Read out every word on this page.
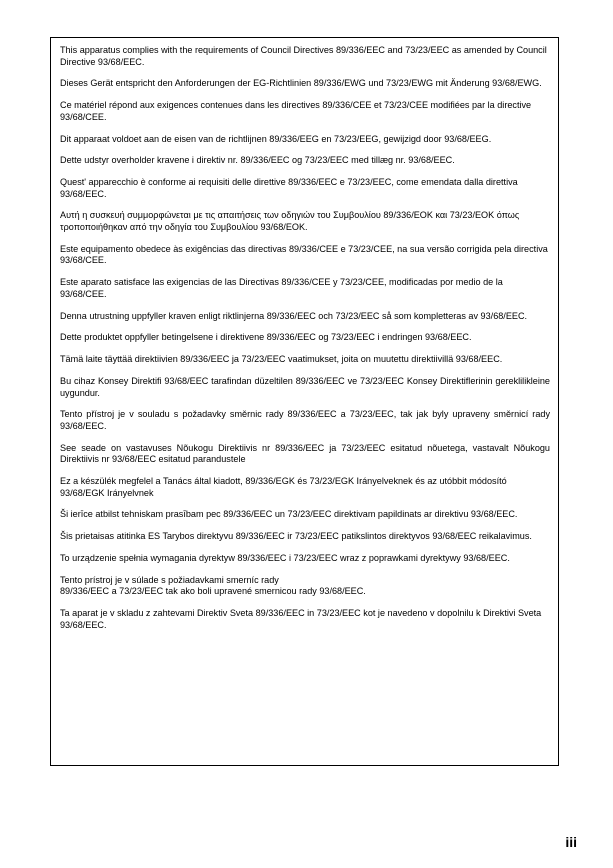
This apparatus complies with the requirements of Council Directives 89/336/EEC and 73/23/EEC as amended by Council Directive 93/68/EEC.

Dieses Gerät entspricht den Anforderungen der EG-Richtlinien 89/336/EWG und 73/23/EWG mit Änderung 93/68/EWG.

Ce matériel répond aux exigences contenues dans les directives 89/336/CEE et 73/23/CEE modifiées par la directive 93/68/CEE.

Dit apparaat voldoet aan de eisen van de richtlijnen 89/336/EEG en 73/23/EEG, gewijzigd door 93/68/EEG.

Dette udstyr overholder kravene i direktiv nr. 89/336/EEC og 73/23/EEC med tillæg nr. 93/68/EEC.

Quest' apparecchio è conforme ai requisiti delle direttive 89/336/EEC e 73/23/EEC, come emendata dalla direttiva 93/68/EEC.

Αυτή η συσκευή συμμορφώνεται με τις απαιτήσεις των οδηγιών του Συμβουλίου 89/336/ΕΟΚ και 73/23/ΕΟΚ όπως τροποποιήθηκαν από την οδηγία του Συμβουλίου 93/68/ΕΟΚ.

Este equipamento obedece às exigências das directivas 89/336/CEE e 73/23/CEE, na sua versão corrigida pela directiva 93/68/CEE.

Este aparato satisface las exigencias de las Directivas 89/336/CEE y 73/23/CEE, modificadas por medio de la 93/68/CEE.

Denna utrustning uppfyller kraven enligt riktlinjerna 89/336/EEC och 73/23/EEC så som kompletteras av 93/68/EEC.

Dette produktet oppfyller betingelsene i direktivene 89/336/EEC og 73/23/EEC i endringen 93/68/EEC.

Tämä laite täyttää direktiivien 89/336/EEC ja 73/23/EEC vaatimukset, joita on muutettu direktiivillä 93/68/EEC.

Bu cihaz Konsey Direktifi 93/68/EEC tarafindan düzeltilen 89/336/EEC ve 73/23/EEC Konsey Direktiflerinin gereklilikleine uygundur.

Tento přístroj je v souladu s požadavky směrnic rady 89/336/EEC a 73/23/EEC, tak jak byly upraveny směrnicí rady 93/68/EEC.

See seade on vastavuses Nõukogu Direktiivis nr 89/336/EEC ja 73/23/EEC esitatud nõuetega, vastavalt Nõukogu Direktiivis nr 93/68/EEC esitatud parandustele

Ez a készülék megfelel a Tanács által kiadott, 89/336/EGK és 73/23/EGK Irányelveknek és az utóbbit módosító 93/68/EGK Irányelvnek

Ši ierīce atbilst tehniskam prasībam pec 89/336/EEC un 73/23/EEC direktivam papildinats ar direktivu 93/68/EEC.

Šis prietaisas atitinka ES Tarybos direktyvu 89/336/EEC ir 73/23/EEC patikslintos direktyvos 93/68/EEC reikalavimus.

To urządzenie spełnia wymagania dyrektyw 89/336/EEC i 73/23/EEC wraz z poprawkami dyrektywy 93/68/EEC.

Tento prístroj je v súlade s požiadavkami smerníc rady
89/336/EEC a 73/23/EEC tak ako boli upravené smernicou rady 93/68/EEC.

Ta aparat je v skladu z zahtevami Direktiv Sveta 89/336/EEC in 73/23/EEC kot je navedeno v dopolnilu k Direktivi Sveta 93/68/EEC.

iii
